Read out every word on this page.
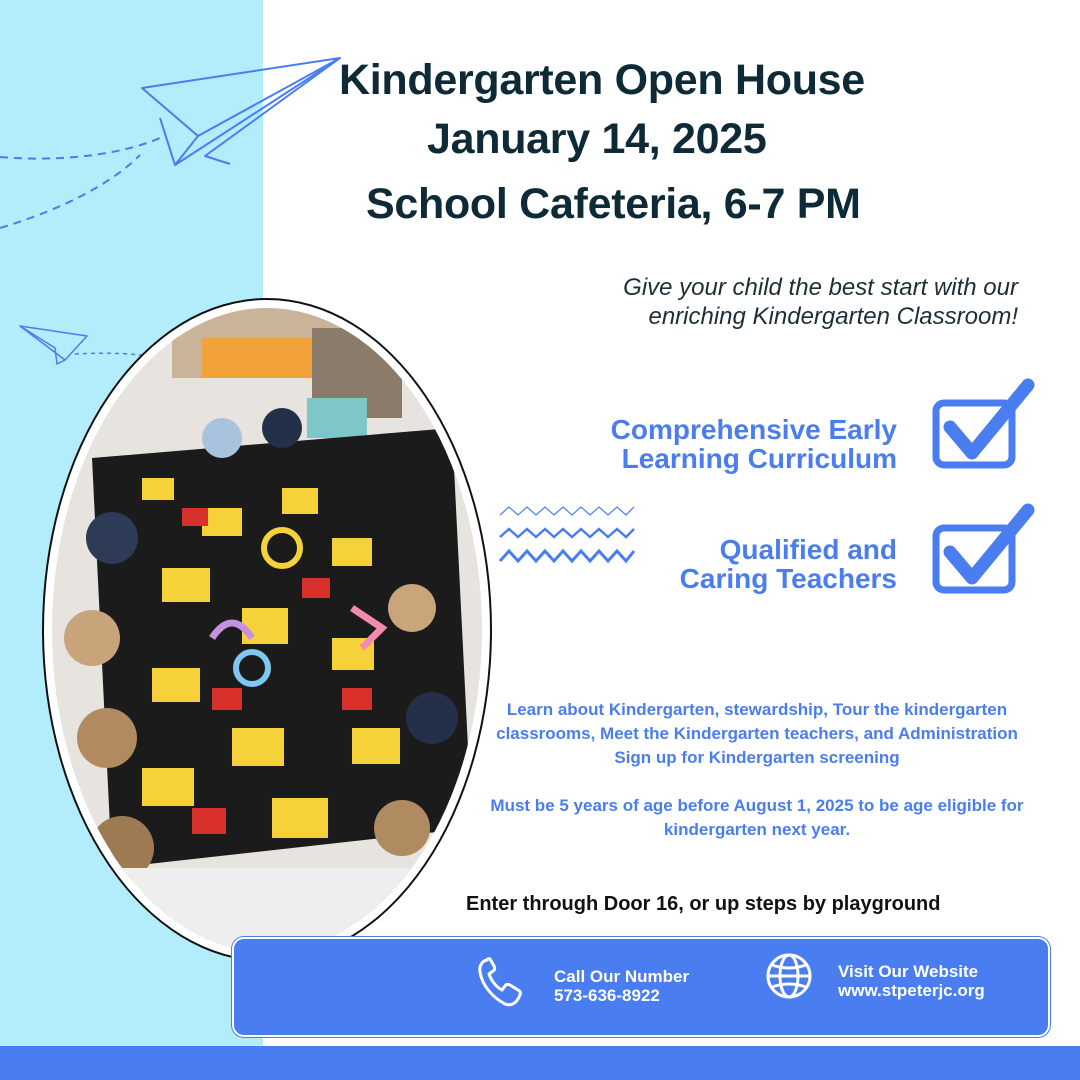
Kindergarten Open House
January 14, 2025
School Cafeteria, 6-7 PM
Give your child the best start with our
enriching Kindergarten Classroom!
Comprehensive Early
Learning Curriculum
Qualified and
Caring Teachers
Learn about Kindergarten, stewardship, Tour the kindergarten
classrooms, Meet the Kindergarten teachers, and Administration
Sign up for Kindergarten screening
Must be 5 years of age before August 1, 2025 to be age eligible for
kindergarten next year.
Enter through Door 16, or up steps by playground
Call Our Number
573-636-8922
Visit Our Website
www.stpeterjc.org
